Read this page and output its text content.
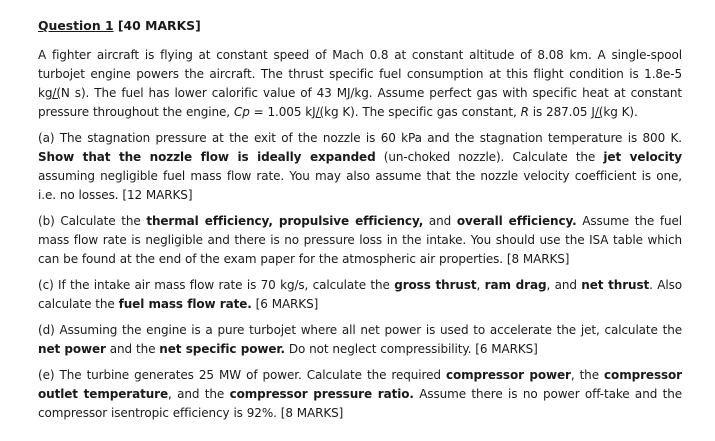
Question 1 [40 MARKS]

A fighter aircraft is flying at constant speed of Mach 0.8 at constant altitude of 8.08 km. A single-spool turbojet engine powers the aircraft. The thrust specific fuel consumption at this flight condition is 1.8e-5 kg/(N s). The fuel has lower calorific value of 43 MJ/kg. Assume perfect gas with specific heat at constant pressure throughout the engine, Cp = 1.005 kJ/(kg K). The specific gas constant, R is 287.05 J/(kg K).

(a) The stagnation pressure at the exit of the nozzle is 60 kPa and the stagnation temperature is 800 K. Show that the nozzle flow is ideally expanded (un-choked nozzle). Calculate the jet velocity assuming negligible fuel mass flow rate. You may also assume that the nozzle velocity coefficient is one, i.e. no losses. [12 MARKS]

(b) Calculate the thermal efficiency, propulsive efficiency, and overall efficiency. Assume the fuel mass flow rate is negligible and there is no pressure loss in the intake. You should use the ISA table which can be found at the end of the exam paper for the atmospheric air properties. [8 MARKS]

(c) If the intake air mass flow rate is 70 kg/s, calculate the gross thrust, ram drag, and net thrust. Also calculate the fuel mass flow rate. [6 MARKS]

(d) Assuming the engine is a pure turbojet where all net power is used to accelerate the jet, calculate the net power and the net specific power. Do not neglect compressibility. [6 MARKS]

(e) The turbine generates 25 MW of power. Calculate the required compressor power, the compressor outlet temperature, and the compressor pressure ratio. Assume there is no power off-take and the compressor isentropic efficiency is 92%. [8 MARKS]
